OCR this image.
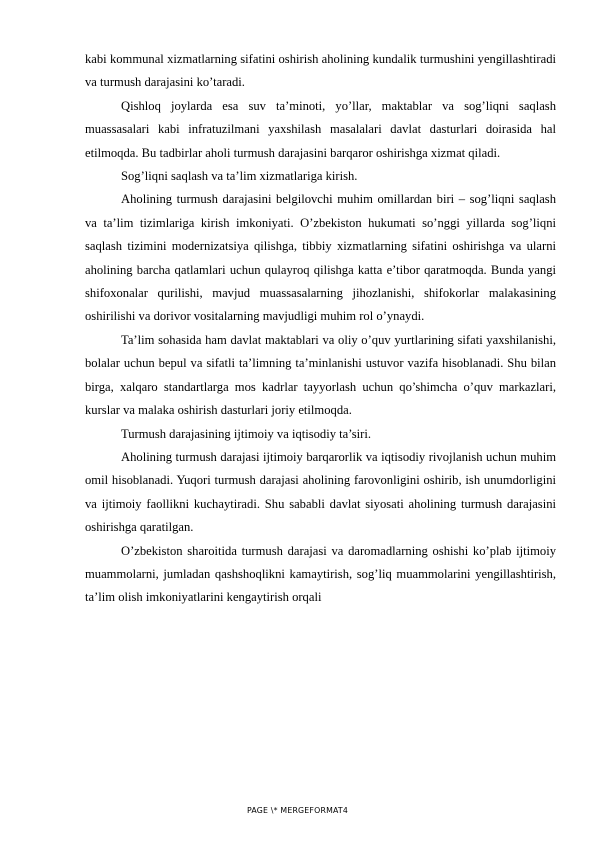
kabi kommunal xizmatlarning sifatini oshirish aholining kundalik turmushini yengillashtiradi va turmush darajasini ko’taradi.

Qishloq joylarda esa suv ta’minoti, yo’llar, maktablar va sog’liqni saqlash muassasalari kabi infratuzilmani yaxshilash masalalari davlat dasturlari doirasida hal etilmoqda. Bu tadbirlar aholi turmush darajasini barqaror oshirishga xizmat qiladi.

Sog’liqni saqlash va ta’lim xizmatlariga kirish.

Aholining turmush darajasini belgilovchi muhim omillardan biri – sog’liqni saqlash va ta’lim tizimlariga kirish imkoniyati. O’zbekiston hukumati so’nggi yillarda sog’liqni saqlash tizimini modernizatsiya qilishga, tibbiy xizmatlarning sifatini oshirishga va ularni aholining barcha qatlamlari uchun qulayroq qilishga katta e’tibor qaratmoqda. Bunda yangi shifoxonalar qurilishi, mavjud muassasalarning jihozlanishi, shifokorlar malakasining oshirilishi va dorivor vositalarning mavjudligi muhim rol o’ynaydi.

Ta’lim sohasida ham davlat maktablari va oliy o’quv yurtlarining sifati yaxshilanishi, bolalar uchun bepul va sifatli ta’limning ta’minlanishi ustuvor vazifa hisoblanadi. Shu bilan birga, xalqaro standartlarga mos kadrlar tayyorlash uchun qo’shimcha o’quv markazlari, kurslar va malaka oshirish dasturlari joriy etilmoqda.

Turmush darajasining ijtimoiy va iqtisodiy ta’siri.

Aholining turmush darajasi ijtimoiy barqarorlik va iqtisodiy rivojlanish uchun muhim omil hisoblanadi. Yuqori turmush darajasi aholining farovonligini oshirib, ish unumdorligini va ijtimoiy faollikni kuchaytiradi. Shu sababli davlat siyosati aholining turmush darajasini oshirishga qaratilgan.

O’zbekiston sharoitida turmush darajasi va daromadlarning oshishi ko’plab ijtimoiy muammolarni, jumladan qashshoqlikni kamaytirish, sog’liq muammolarini yengillashtirish, ta’lim olish imkoniyatlarini kengaytirish orqali

PAGE \* MERGEFORMAT4
